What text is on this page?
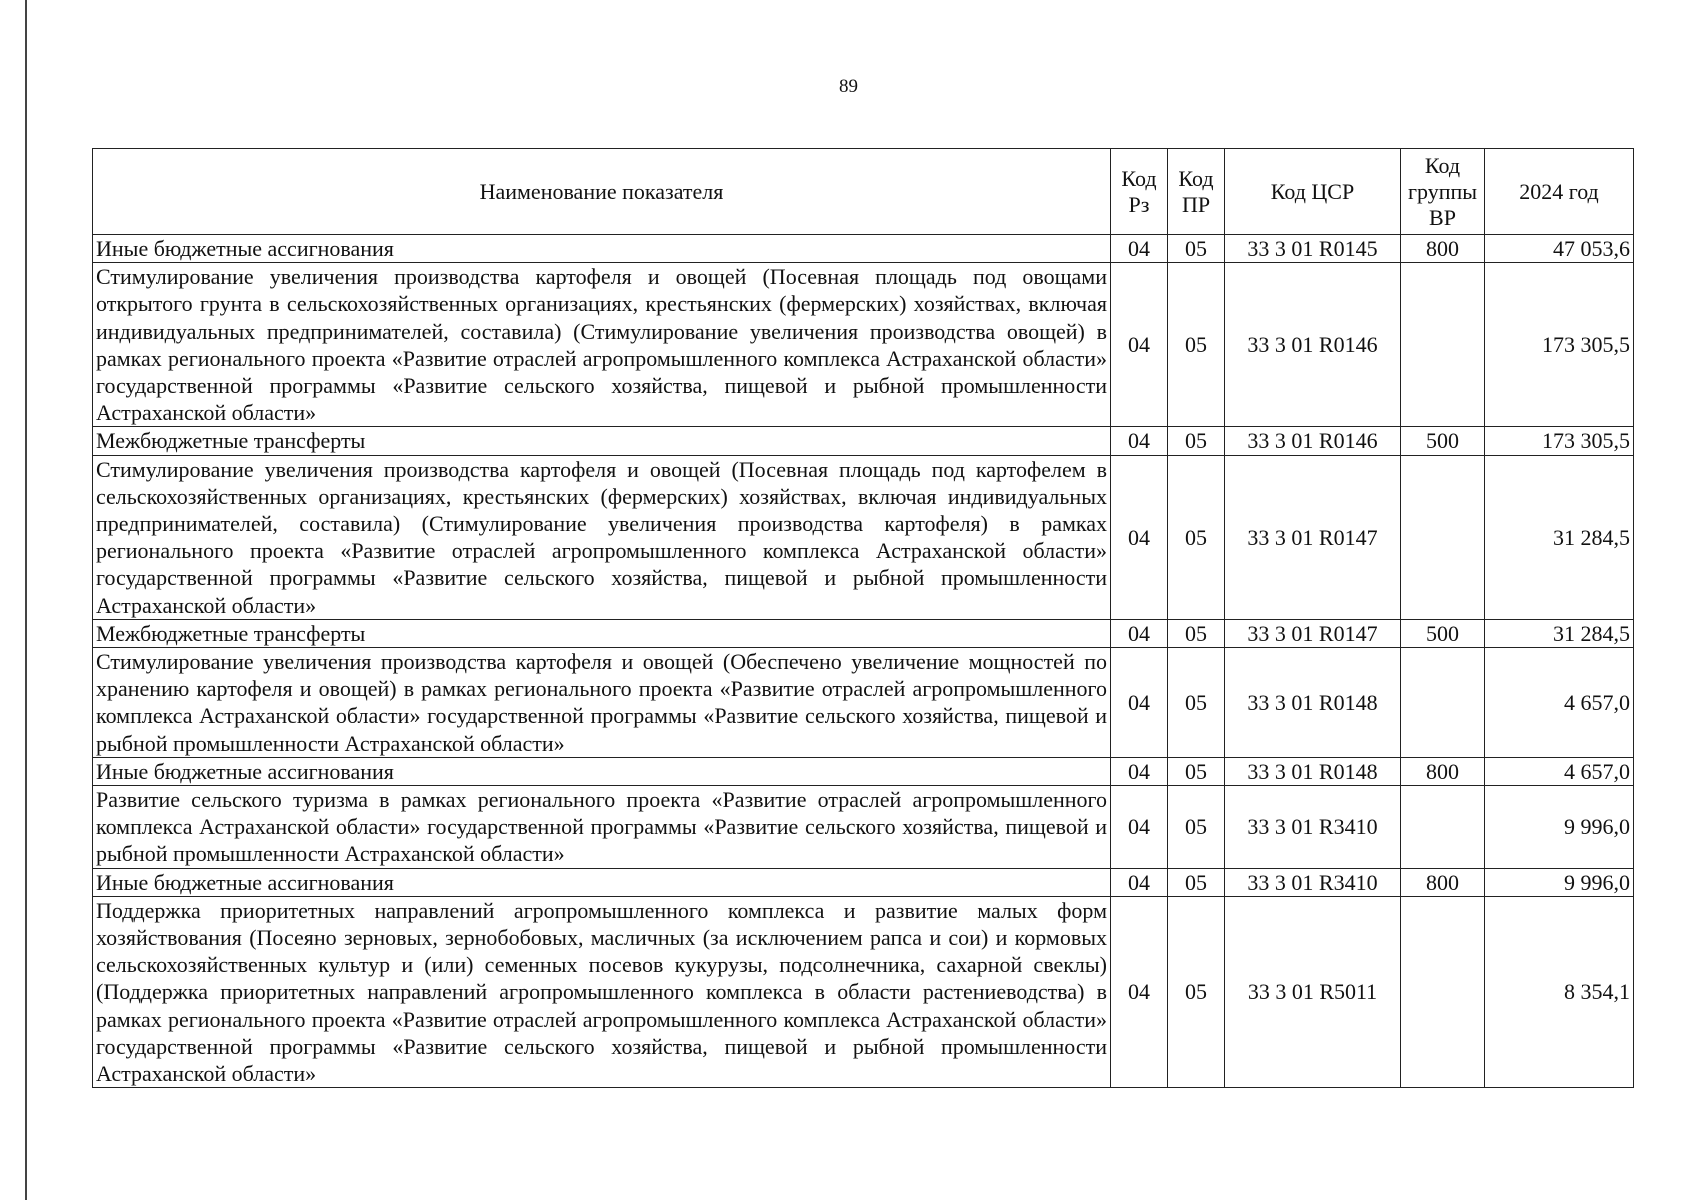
89
Наименование показателя	Код Рз	Код ПР	Код ЦСР	Код группы ВР	2024 год
Иные бюджетные ассигнования	04	05	33 3 01 R0145	800	47 053,6
Стимулирование увеличения производства картофеля и овощей (Посевная площадь под овощами открытого грунта в сельскохозяйственных организациях, крестьянских (фермерских) хозяйствах, включая индивидуальных предпринимателей, составила) (Стимулирование увеличения производства овощей) в рамках регионального проекта «Развитие отраслей агропромышленного комплекса Астраханской области» государственной программы «Развитие сельского хозяйства, пищевой и рыбной промышленности Астраханской области»	04	05	33 3 01 R0146		173 305,5
Межбюджетные трансферты	04	05	33 3 01 R0146	500	173 305,5
Стимулирование увеличения производства картофеля и овощей (Посевная площадь под картофелем в сельскохозяйственных организациях, крестьянских (фермерских) хозяйствах, включая индивидуальных предпринимателей, составила) (Стимулирование увеличения производства картофеля) в рамках регионального проекта «Развитие отраслей агропромышленного комплекса Астраханской области» государственной программы «Развитие сельского хозяйства, пищевой и рыбной промышленности Астраханской области»	04	05	33 3 01 R0147		31 284,5
Межбюджетные трансферты	04	05	33 3 01 R0147	500	31 284,5
Стимулирование увеличения производства картофеля и овощей (Обеспечено увеличение мощностей по хранению картофеля и овощей) в рамках регионального проекта «Развитие отраслей агропромышленного комплекса Астраханской области» государственной программы «Развитие сельского хозяйства, пищевой и рыбной промышленности Астраханской области»	04	05	33 3 01 R0148		4 657,0
Иные бюджетные ассигнования	04	05	33 3 01 R0148	800	4 657,0
Развитие сельского туризма в рамках регионального проекта «Развитие отраслей агропромышленного комплекса Астраханской области» государственной программы «Развитие сельского хозяйства, пищевой и рыбной промышленности Астраханской области»	04	05	33 3 01 R3410		9 996,0
Иные бюджетные ассигнования	04	05	33 3 01 R3410	800	9 996,0
Поддержка приоритетных направлений агропромышленного комплекса и развитие малых форм хозяйствования (Посеяно зерновых, зернобобовых, масличных (за исключением рапса и сои) и кормовых сельскохозяйственных культур и (или) семенных посевов кукурузы, подсолнечника, сахарной свеклы) (Поддержка приоритетных направлений агропромышленного комплекса в области растениеводства) в рамках регионального проекта «Развитие отраслей агропромышленного комплекса Астраханской области» государственной программы «Развитие сельского хозяйства, пищевой и рыбной промышленности Астраханской области»	04	05	33 3 01 R5011		8 354,1
